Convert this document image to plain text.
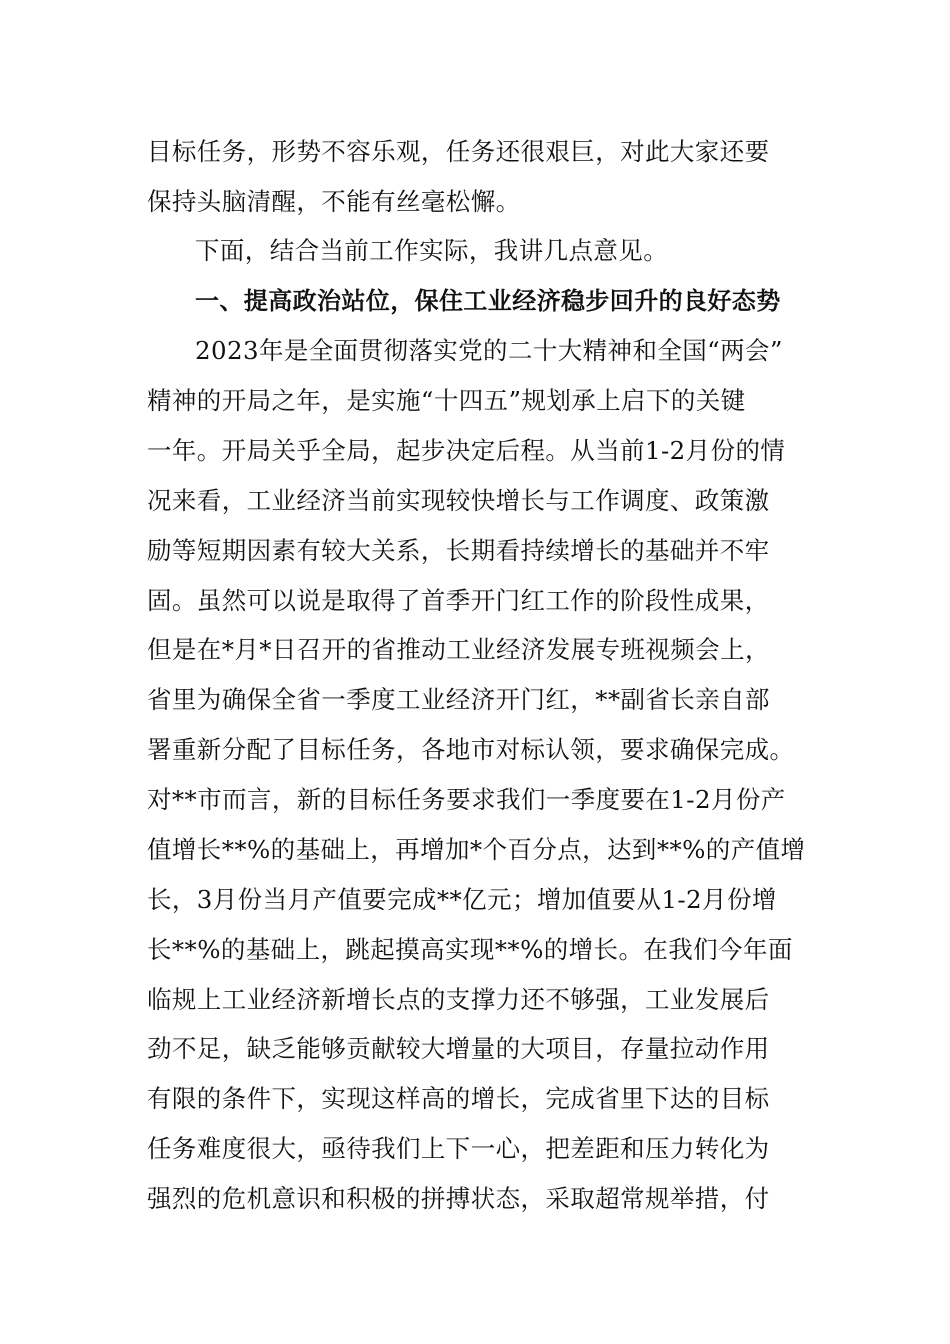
目标任务，形势不容乐观，任务还很艰巨，对此大家还要
保持头脑清醒，不能有丝毫松懈。
下面，结合当前工作实际，我讲几点意见。
一、提高政治站位，保住工业经济稳步回升的良好态势
2023年是全面贯彻落实党的二十大精神和全国“两会”
精神的开局之年，是实施“十四五”规划承上启下的关键
一年。开局关乎全局，起步决定后程。从当前1-2月份的情
况来看，工业经济当前实现较快增长与工作调度、政策激
励等短期因素有较大关系，长期看持续增长的基础并不牢
固。虽然可以说是取得了首季开门红工作的阶段性成果，
但是在*月*日召开的省推动工业经济发展专班视频会上，
省里为确保全省一季度工业经济开门红，**副省长亲自部
署重新分配了目标任务，各地市对标认领，要求确保完成。
对**市而言，新的目标任务要求我们一季度要在1-2月份产
值增长**%的基础上，再增加*个百分点，达到**%的产值增
长，3月份当月产值要完成**亿元；增加值要从1-2月份增
长**%的基础上，跳起摸高实现**%的增长。在我们今年面
临规上工业经济新增长点的支撑力还不够强，工业发展后
劲不足，缺乏能够贡献较大增量的大项目，存量拉动作用
有限的条件下，实现这样高的增长，完成省里下达的目标
任务难度很大，亟待我们上下一心，把差距和压力转化为
强烈的危机意识和积极的拼搏状态，采取超常规举措，付
